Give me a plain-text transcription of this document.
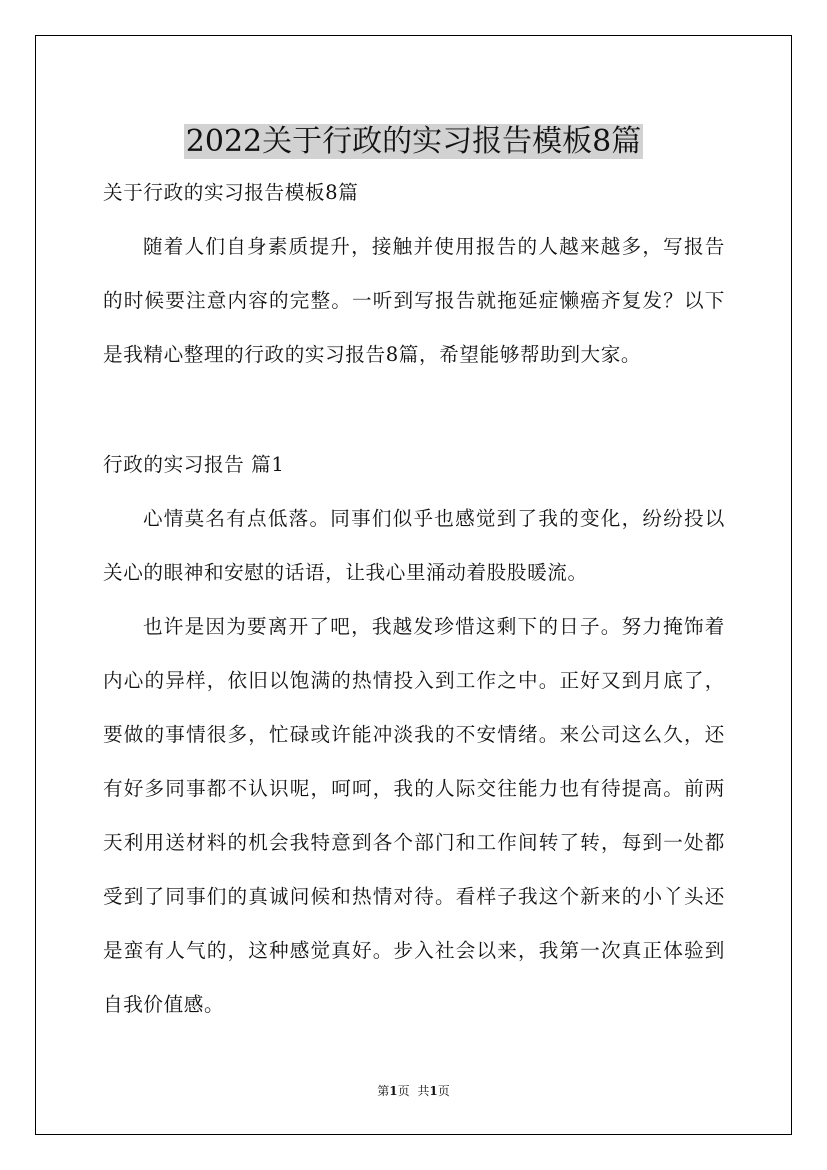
2022关于行政的实习报告模板8篇
关于行政的实习报告模板8篇
随着人们自身素质提升，接触并使用报告的人越来越多，写报告的时候要注意内容的完整。一听到写报告就拖延症懒癌齐复发？以下是我精心整理的行政的实习报告8篇，希望能够帮助到大家。
行政的实习报告 篇1
心情莫名有点低落。同事们似乎也感觉到了我的变化，纷纷投以关心的眼神和安慰的话语，让我心里涌动着股股暖流。
也许是因为要离开了吧，我越发珍惜这剩下的日子。努力掩饰着内心的异样，依旧以饱满的热情投入到工作之中。正好又到月底了，要做的事情很多，忙碌或许能冲淡我的不安情绪。来公司这么久，还有好多同事都不认识呢，呵呵，我的人际交往能力也有待提高。前两天利用送材料的机会我特意到各个部门和工作间转了转，每到一处都受到了同事们的真诚问候和热情对待。看样子我这个新来的小丫头还是蛮有人气的，这种感觉真好。步入社会以来，我第一次真正体验到自我价值感。
第1页 共1页
